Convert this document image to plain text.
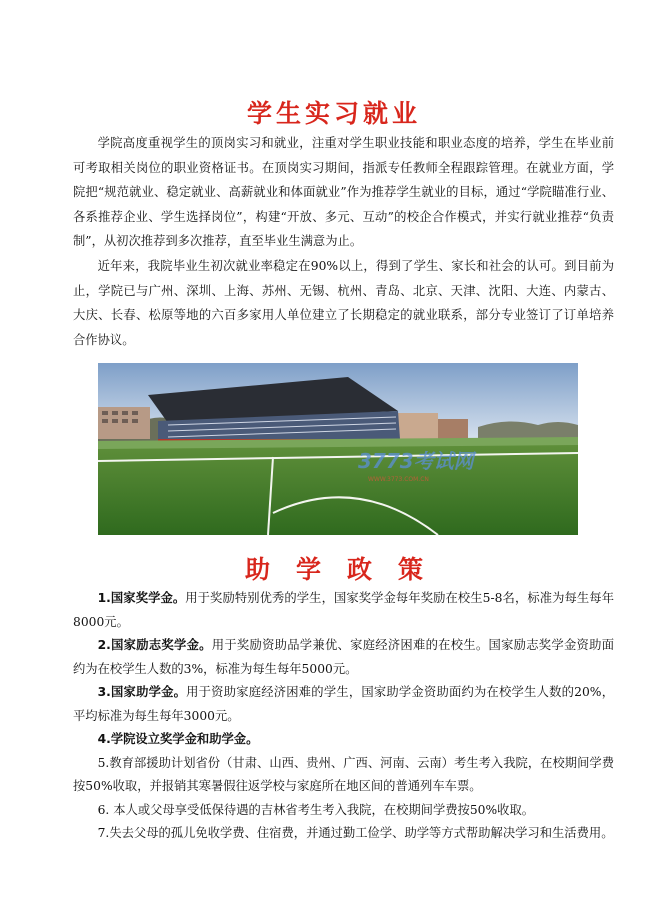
学生实习就业

学院高度重视学生的顶岗实习和就业，注重对学生职业技能和职业态度的培养，学生在毕业前可考取相关岗位的职业资格证书。在顶岗实习期间，指派专任教师全程跟踪管理。在就业方面，学院把“规范就业、稳定就业、高薪就业和体面就业”作为推荐学生就业的目标，通过“学院瞄准行业、各系推荐企业、学生选择岗位”，构建“开放、多元、互动”的校企合作模式，并实行就业推荐“负责制”，从初次推荐到多次推荐，直至毕业生满意为止。

近年来，我院毕业生初次就业率稳定在90%以上，得到了学生、家长和社会的认可。到目前为止，学院已与广州、深圳、上海、苏州、无锡、杭州、青岛、北京、天津、沈阳、大连、内蒙古、大庆、长春、松原等地的六百多家用人单位建立了长期稳定的就业联系，部分专业签订了订单培养合作协议。

3773考试网
WWW.3773.COM.CN
助学政策

1.国家奖学金。用于奖励特别优秀的学生，国家奖学金每年奖励在校生5-8名，标准为每生每年8000元。

2.国家励志奖学金。用于奖励资助品学兼优、家庭经济困难的在校生。国家励志奖学金资助面约为在校学生人数的3%，标准为每生每年5000元。

3.国家助学金。用于资助家庭经济困难的学生，国家助学金资助面约为在校学生人数的20%，平均标准为每生每年3000元。

4.学院设立奖学金和助学金。

5.教育部援助计划省份（甘肃、山西、贵州、广西、河南、云南）考生考入我院，在校期间学费按50%收取，并报销其寒暑假往返学校与家庭所在地区间的普通列车车票。

6. 本人或父母享受低保待遇的吉林省考生考入我院，在校期间学费按50%收取。

7.失去父母的孤儿免收学费、住宿费，并通过勤工俭学、助学等方式帮助解决学习和生活费用。
